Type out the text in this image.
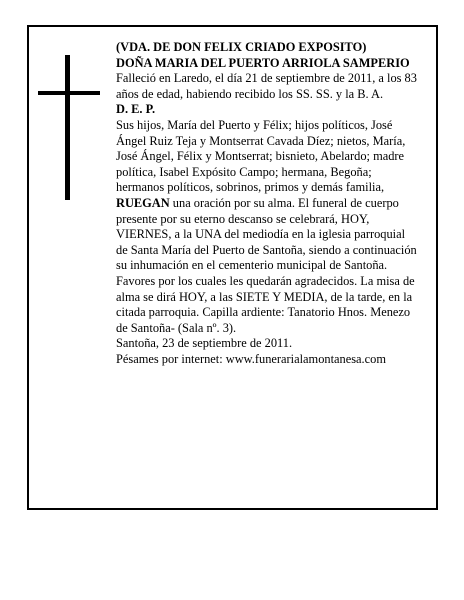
(VDA. DE DON FELIX CRIADO EXPOSITO)

DOÑA MARIA DEL PUERTO ARRIOLA SAMPERIO

Falleció en Laredo, el día 21 de septiembre de 2011, a los 83 años de edad, habiendo recibido los SS. SS. y la B. A.

D. E. P.

Sus hijos, María del Puerto y Félix; hijos políticos, José Ángel Ruiz Teja y Montserrat Cavada Díez; nietos, María, José Ángel, Félix y Montserrat; bisnieto, Abelardo; madre política, Isabel Expósito Campo; hermana, Begoña; hermanos políticos, sobrinos, primos y demás familia,

RUEGAN una oración por su alma. El funeral de cuerpo presente por su eterno descanso se celebrará, HOY, VIERNES, a la UNA del mediodía en la iglesia parroquial de Santa María del Puerto de Santoña, siendo a continuación su inhumación en el cementerio municipal de Santoña. Favores por los cuales les quedarán agradecidos. La misa de alma se dirá HOY, a las SIETE Y MEDIA, de la tarde, en la citada parroquia. Capilla ardiente: Tanatorio Hnos. Menezo de Santoña- (Sala nº. 3).

Santoña, 23 de septiembre de 2011.

Pésames por internet: www.funerarialamontanesa.com
